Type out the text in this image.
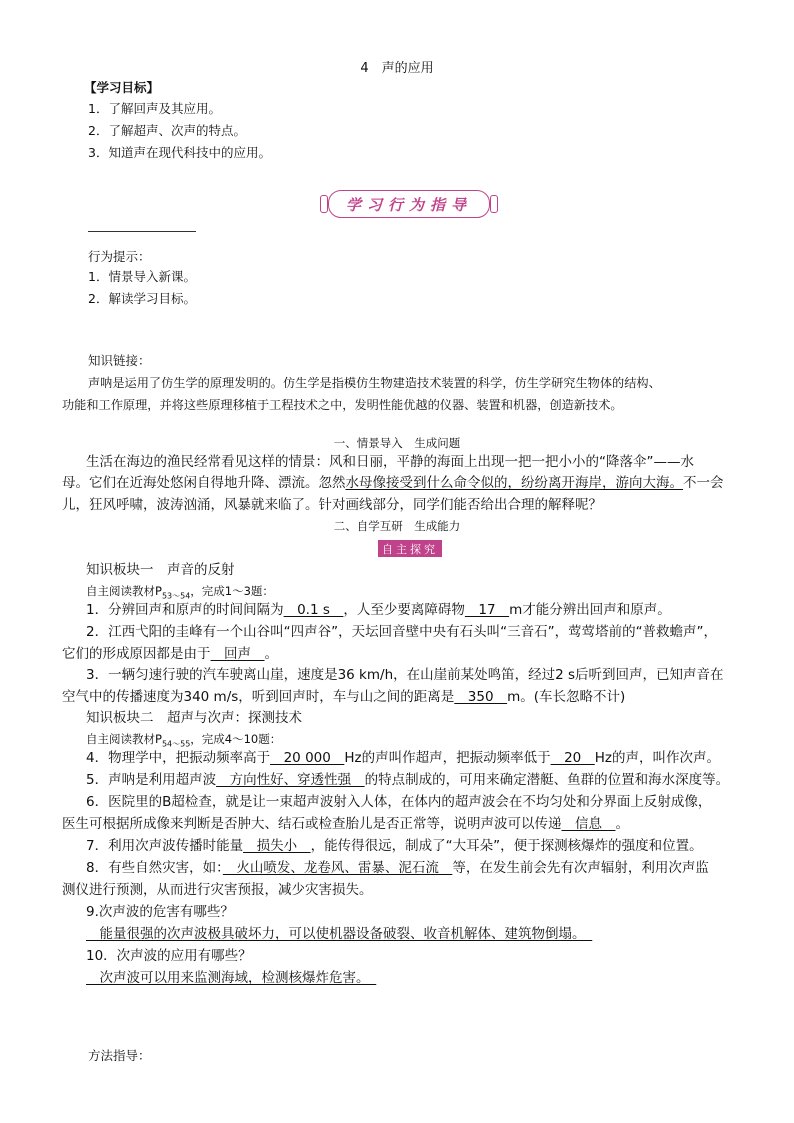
4　声的应用
【学习目标】
1．了解回声及其应用。
2．了解超声、次声的特点。
3．知道声在现代科技中的应用。
学习行为指导
行为提示：
1．情景导入新课。
2．解读学习目标。
知识链接：
声呐是运用了仿生学的原理发明的。仿生学是指模仿生物建造技术装置的科学，仿生学研究生物体的结构、
功能和工作原理，并将这些原理移植于工程技术之中，发明性能优越的仪器、装置和机器，创造新技术。
一、情景导入　生成问题
生活在海边的渔民经常看见这样的情景：风和日丽，平静的海面上出现一把一把小小的“降落伞”——水
母。它们在近海处悠闲自得地升降、漂流。忽然水母像接受到什么命令似的，纷纷离开海岸，游向大海。不一会
儿，狂风呼啸，波涛汹涌，风暴就来临了。针对画线部分，同学们能否给出合理的解释呢？
二、自学互研　生成能力
自主探究
知识板块一　声音的反射
自主阅读教材$P_{53\sim 54}$，完成1～3题：
1．分辨回声和原声的时间间隔为　0.1 s　，人至少要离障碍物　17　m才能分辨出回声和原声。
2．江西弋阳的圭峰有一个山谷叫“四声谷”，天坛回音壁中央有石头叫“三音石”，莺莺塔前的“普救蟾声”，
它们的形成原因都是由于　回声　。
3．一辆匀速行驶的汽车驶离山崖，速度是36 km/h，在山崖前某处鸣笛，经过2 s后听到回声，已知声音在
空气中的传播速度为340 m/s，听到回声时，车与山之间的距离是　350　m。(车长忽略不计)
知识板块二　超声与次声：探测技术
自主阅读教材$P_{54\sim 55}$，完成4～10题：
4．物理学中，把振动频率高于　20 000　Hz的声叫作超声，把振动频率低于　20　Hz的声，叫作次声。
5．声呐是利用超声波　方向性好、穿透性强　的特点制成的，可用来确定潜艇、鱼群的位置和海水深度等。
6．医院里的B超检查，就是让一束超声波射入人体，在体内的超声波会在不均匀处和分界面上反射成像，
医生可根据所成像来判断是否肿大、结石或检查胎儿是否正常等，说明声波可以传递　信息　。
7．利用次声波传播时能量　损失小　，能传得很远，制成了“大耳朵”，便于探测核爆炸的强度和位置。
8．有些自然灾害，如：　火山喷发、龙卷风、雷暴、泥石流　等，在发生前会先有次声辐射，利用次声监
测仪进行预测，从而进行灾害预报，减少灾害损失。
9.次声波的危害有哪些？
　能量很强的次声波极具破坏力，可以使机器设备破裂、收音机解体、建筑物倒塌。　
10．次声波的应用有哪些？
　次声波可以用来监测海域，检测核爆炸危害。　
方法指导：
